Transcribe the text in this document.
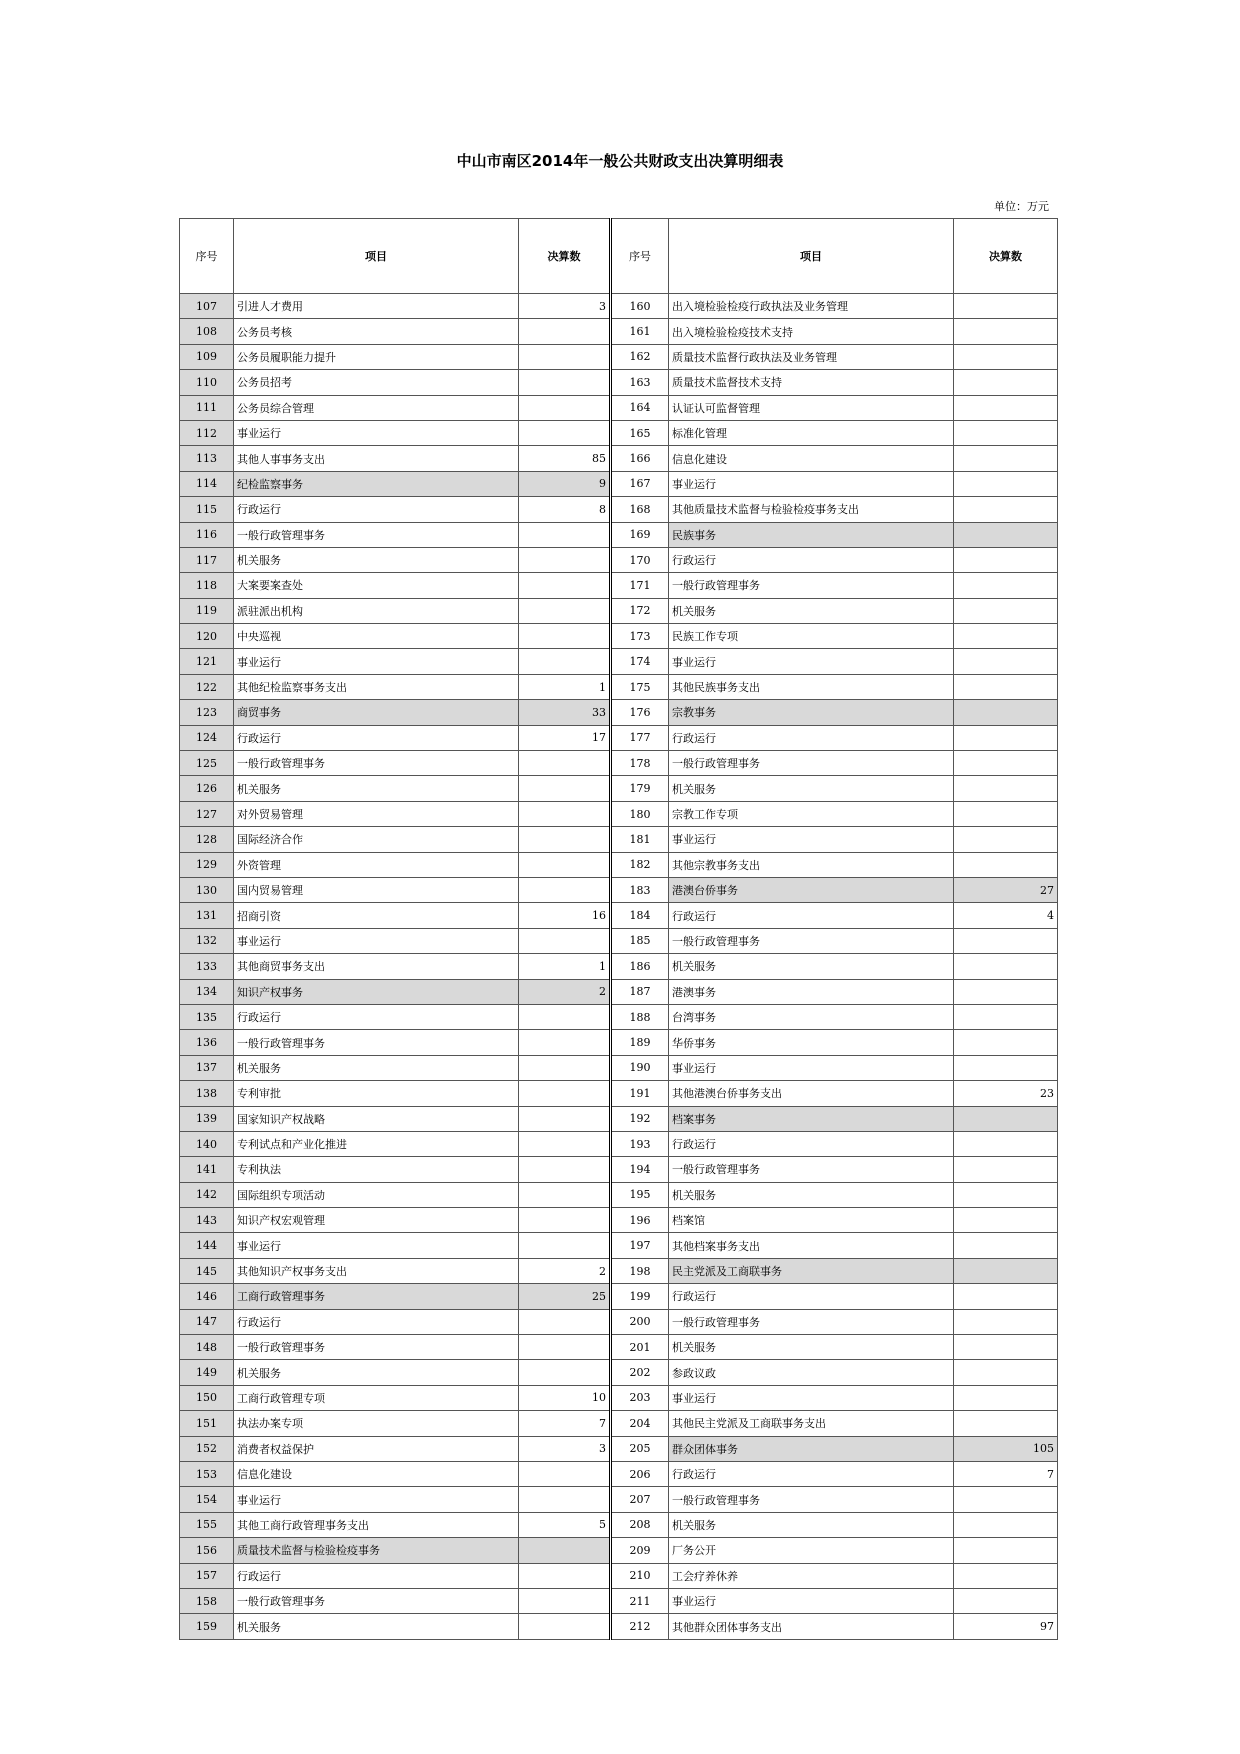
中山市南区2014年一般公共财政支出决算明细表
单位：万元
序号	项目	决算数	序号	项目	决算数
107	引进人才费用	3	160	出入境检验检疫行政执法及业务管理	
108	公务员考核		161	出入境检验检疫技术支持	
109	公务员履职能力提升		162	质量技术监督行政执法及业务管理	
110	公务员招考		163	质量技术监督技术支持	
111	公务员综合管理		164	认证认可监督管理	
112	事业运行		165	标准化管理	
113	其他人事事务支出	85	166	信息化建设	
114	纪检监察事务	9	167	事业运行	
115	行政运行	8	168	其他质量技术监督与检验检疫事务支出	
116	一般行政管理事务		169	民族事务	
117	机关服务		170	行政运行	
118	大案要案查处		171	一般行政管理事务	
119	派驻派出机构		172	机关服务	
120	中央巡视		173	民族工作专项	
121	事业运行		174	事业运行	
122	其他纪检监察事务支出	1	175	其他民族事务支出	
123	商贸事务	33	176	宗教事务	
124	行政运行	17	177	行政运行	
125	一般行政管理事务		178	一般行政管理事务	
126	机关服务		179	机关服务	
127	对外贸易管理		180	宗教工作专项	
128	国际经济合作		181	事业运行	
129	外资管理		182	其他宗教事务支出	
130	国内贸易管理		183	港澳台侨事务	27
131	招商引资	16	184	行政运行	4
132	事业运行		185	一般行政管理事务	
133	其他商贸事务支出	1	186	机关服务	
134	知识产权事务	2	187	港澳事务	
135	行政运行		188	台湾事务	
136	一般行政管理事务		189	华侨事务	
137	机关服务		190	事业运行	
138	专利审批		191	其他港澳台侨事务支出	23
139	国家知识产权战略		192	档案事务	
140	专利试点和产业化推进		193	行政运行	
141	专利执法		194	一般行政管理事务	
142	国际组织专项活动		195	机关服务	
143	知识产权宏观管理		196	档案馆	
144	事业运行		197	其他档案事务支出	
145	其他知识产权事务支出	2	198	民主党派及工商联事务	
146	工商行政管理事务	25	199	行政运行	
147	行政运行		200	一般行政管理事务	
148	一般行政管理事务		201	机关服务	
149	机关服务		202	参政议政	
150	工商行政管理专项	10	203	事业运行	
151	执法办案专项	7	204	其他民主党派及工商联事务支出	
152	消费者权益保护	3	205	群众团体事务	105
153	信息化建设		206	行政运行	7
154	事业运行		207	一般行政管理事务	
155	其他工商行政管理事务支出	5	208	机关服务	
156	质量技术监督与检验检疫事务		209	厂务公开	
157	行政运行		210	工会疗养休养	
158	一般行政管理事务		211	事业运行	
159	机关服务		212	其他群众团体事务支出	97
